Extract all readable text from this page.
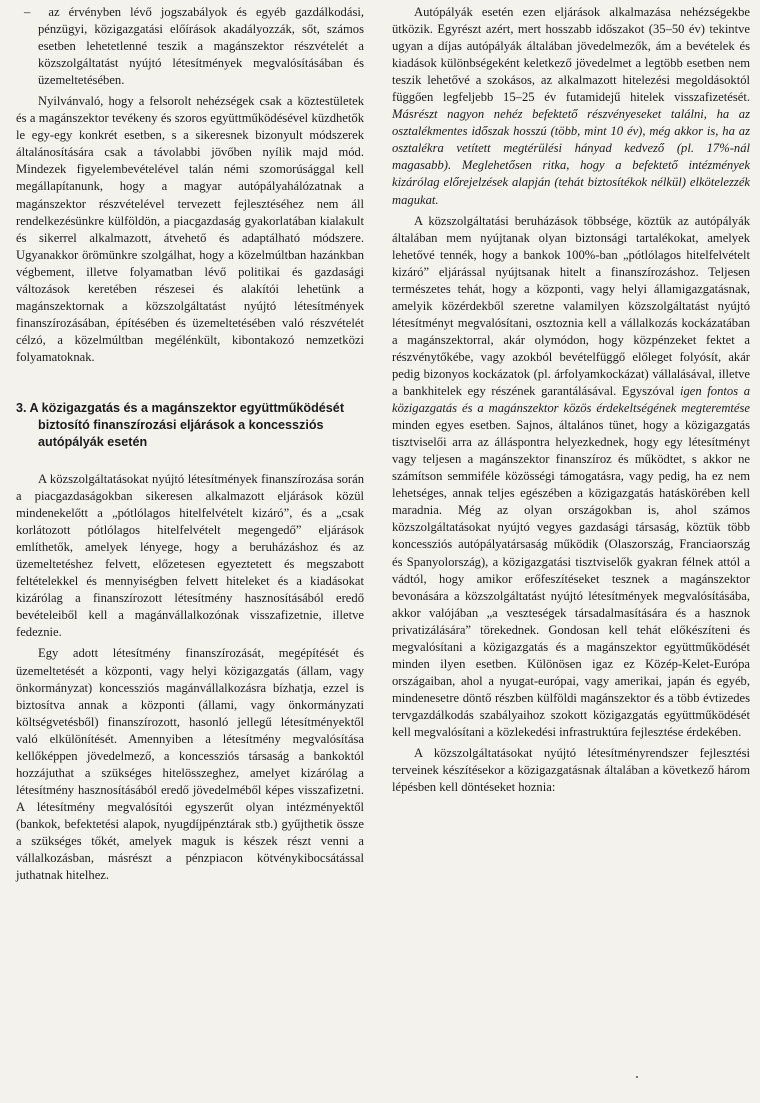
–  az érvényben lévő jogszabályok és egyéb gazdálkodási, pénzügyi, közigazgatási előírások akadályozzák, sőt, számos esetben lehetetlenné teszik a magánszektor részvételét a közszolgáltatást nyújtó létesítmények megvalósításában és üzemeltetésében.

Nyilvánvaló, hogy a felsorolt nehézségek csak a köztestületek és a magánszektor tevékeny és szoros együttműködésével küzdhetők le egy-egy konkrét esetben, s a sikeresnek bizonyult módszerek általánosítására csak a távolabbi jövőben nyílik majd mód. Mindezek figyelembevételével talán némi szomorúsággal kell megállapítanunk, hogy a magyar autópályahálózatnak a magánszektor részvételével tervezett fejlesztéséhez nem áll rendelkezésünkre külföldön, a piacgazdaság gyakorlatában kialakult és sikerrel alkalmazott, átvehető és adaptálható módszere. Ugyanakkor örömünkre szolgálhat, hogy a közelmúltban hazánkban végbement, illetve folyamatban lévő politikai és gazdasági változások keretében részesei és alakítói lehetünk a magánszektornak a közszolgáltatást nyújtó létesítmények finanszírozásában, építésében és üzemeltetésében való részvételét célzó, a közelmúltban megélénkült, kibontakozó nemzetközi folyamatoknak.

3. A közigazgatás és a magánszektor együttműködését biztosító finanszírozási eljárások a koncessziós autópályák esetén

A közszolgáltatásokat nyújtó létesítmények finanszírozása során a piacgazdaságokban sikeresen alkalmazott eljárások közül mindenekelőtt a „pótlólagos hitelfelvételt kizáró”, és a „csak korlátozott pótlólagos hitelfelvételt megengedő” eljárások említhetők, amelyek lényege, hogy a beruházáshoz és az üzemeltetéshez felvett, előzetesen egyeztetett és megszabott feltételekkel és mennyiségben felvett hiteleket és a kiadásokat kizárólag a finanszírozott létesítmény hasznosításából eredő bevételeiből kell a magánvállalkozónak visszafizetnie, illetve fedeznie.

Egy adott létesítmény finanszírozását, megépítését és üzemeltetését a központi, vagy helyi közigazgatás (állam, vagy önkormányzat) koncessziós magánvállalkozásra bízhatja, ezzel is biztosítva annak a központi (állami, vagy önkormányzati költségvetésből) finanszírozott, hasonló jellegű létesítményektől való elkülönítését. Amennyiben a létesítmény megvalósítása kellőképpen jövedelmező, a koncessziós társaság a bankoktól hozzájuthat a szükséges hitelösszeghez, amelyet kizárólag a létesítmény hasznosításából eredő jövedelméből képes visszafizetni. A létesítmény megvalósítói egyszerűt olyan intézményektől (bankok, befektetési alapok, nyugdíjpénztárak stb.) gyűjthetik össze a szükséges tőkét, amelyek maguk is készek részt venni a vállalkozásban, másrészt a pénzpiacon kötvénykibocsátással juthatnak hitelhez.

Autópályák esetén ezen eljárások alkalmazása nehézségekbe ütközik. Egyrészt azért, mert hosszabb időszakot (35–50 év) tekintve ugyan a díjas autópályák általában jövedelmezők, ám a bevételek és kiadások különbségeként keletkező jövedelmet a legtöbb esetben nem teszik lehetővé a szokásos, az alkalmazott hitelezési megoldásoktól függően legfeljebb 15–25 év futamidejű hitelek visszafizetését. Másrészt nagyon nehéz befektető részvényeseket találni, ha az osztalékmentes időszak hosszú (több, mint 10 év), még akkor is, ha az osztalékra vetített megtérülési hányad kedvező (pl. 17%-nál magasabb). Meglehetősen ritka, hogy a befektető intézmények kizárólag előrejelzések alapján (tehát biztosítékok nélkül) elkötelezzék magukat.

A közszolgáltatási beruházások többsége, köztük az autópályák általában mem nyújtanak olyan biztonsági tartalékokat, amelyek lehetővé tennék, hogy a bankok 100%-ban „pótlólagos hitelfelvételt kizáró” eljárással nyújtsanak hitelt a finanszírozáshoz. Teljesen természetes tehát, hogy a központi, vagy helyi államigazgatásnak, amelyik közérdekből szeretne valamilyen közszolgáltatást nyújtó létesítményt megvalósítani, osztoznia kell a vállalkozás kockázatában a magánszektorral, akár olymódon, hogy közpénzeket fektet a részvénytőkébe, vagy azokból bevételfüggő előleget folyósít, akár pedig bizonyos kockázatok (pl. árfolyamkockázat) vállalásával, illetve a bankhitelek egy részének garantálásával. Egyszóval igen fontos a közigazgatás és a magánszektor közös érdekeltségének megteremtése minden egyes esetben. Sajnos, általános tünet, hogy a közigazgatás tisztviselői arra az álláspontra helyezkednek, hogy egy létesítményt vagy teljesen a magánszektor finanszíroz és működtet, s akkor ne számítson semmiféle közösségi támogatásra, vagy pedig, ha ez nem lehetséges, annak teljes egészében a közigazgatás hatáskörében kell maradnia. Még az olyan országokban is, ahol számos közszolgáltatásokat nyújtó vegyes gazdasági társaság, köztük több koncessziós autópályatársaság működik (Olaszország, Franciaország és Spanyolország), a közigazgatási tisztviselők gyakran félnek attól a vádtól, hogy amikor erőfeszítéseket tesznek a magánszektor bevonására a közszolgáltatást nyújtó létesítmények megvalósításába, akkor valójában „a veszteségek társadalmasítására és a hasznok privatizálására” törekednek. Gondosan kell tehát előkészíteni és megvalósítani a közigazgatás és a magánszektor együttműködését minden ilyen esetben. Különösen igaz ez Közép-Kelet-Európa országaiban, ahol a nyugat-európai, vagy amerikai, japán és egyéb, mindenesetre döntő részben külföldi magánszektor és a több évtizedes tervgazdálkodás szabályaihoz szokott közigazgatás együttműködését kell megvalósítani a közlekedési infrastruktúra fejlesztése érdekében.

A közszolgáltatásokat nyújtó létesítményrendszer fejlesztési terveinek készítésekor a közigazgatásnak általában a következő három lépésben kell döntéseket hoznia:
